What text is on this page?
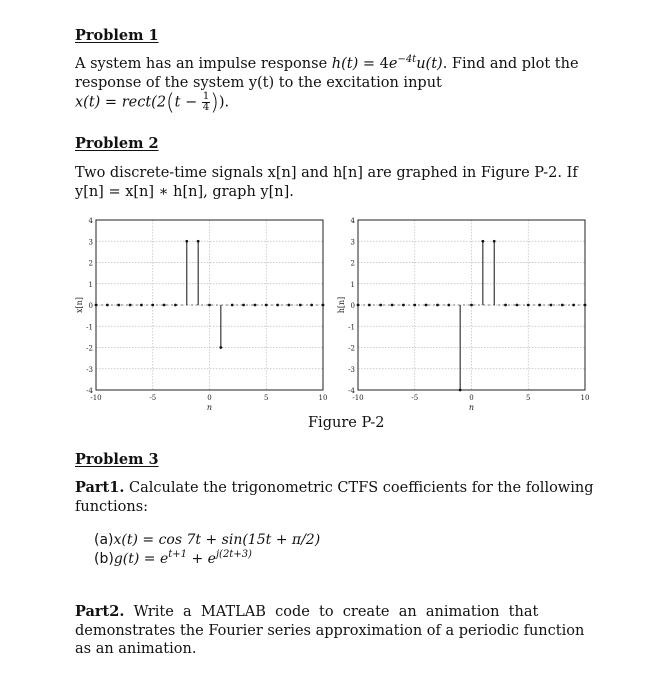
Problem 1
A system has an impulse response $h(t) = 4e^{-4t}u(t)$. Find and plot the
response of the system y(t) to the excitation input
x(t) = rect(2(t − $\frac{1}{4}$ )).
Problem 2
Two discrete-time signals x[n] and h[n] are graphed in Figure P-2. If
y[n] = x[n] ∗ h[n], graph y[n].
4
3
2
1
0
-1
-2
-3
-4
-10	-5	0	5	10
n
x[n]
4
3
2
1
0
-1
-2
-3
-4
-10	-5	0	5	10
n
h[n]
Figure P-2
Problem 3
Part1. Calculate the trigonometric CTFS coefficients for the following
functions:
(a)x(t) = cos 7t + sin(15t + π/2)
$(b)g(t) = e^{t+1} + e^{j(2t+3)}$
Part2.  Write  a  MATLAB  code  to  create  an  animation  that
demonstrates the Fourier series approximation of a periodic function
as an animation.
